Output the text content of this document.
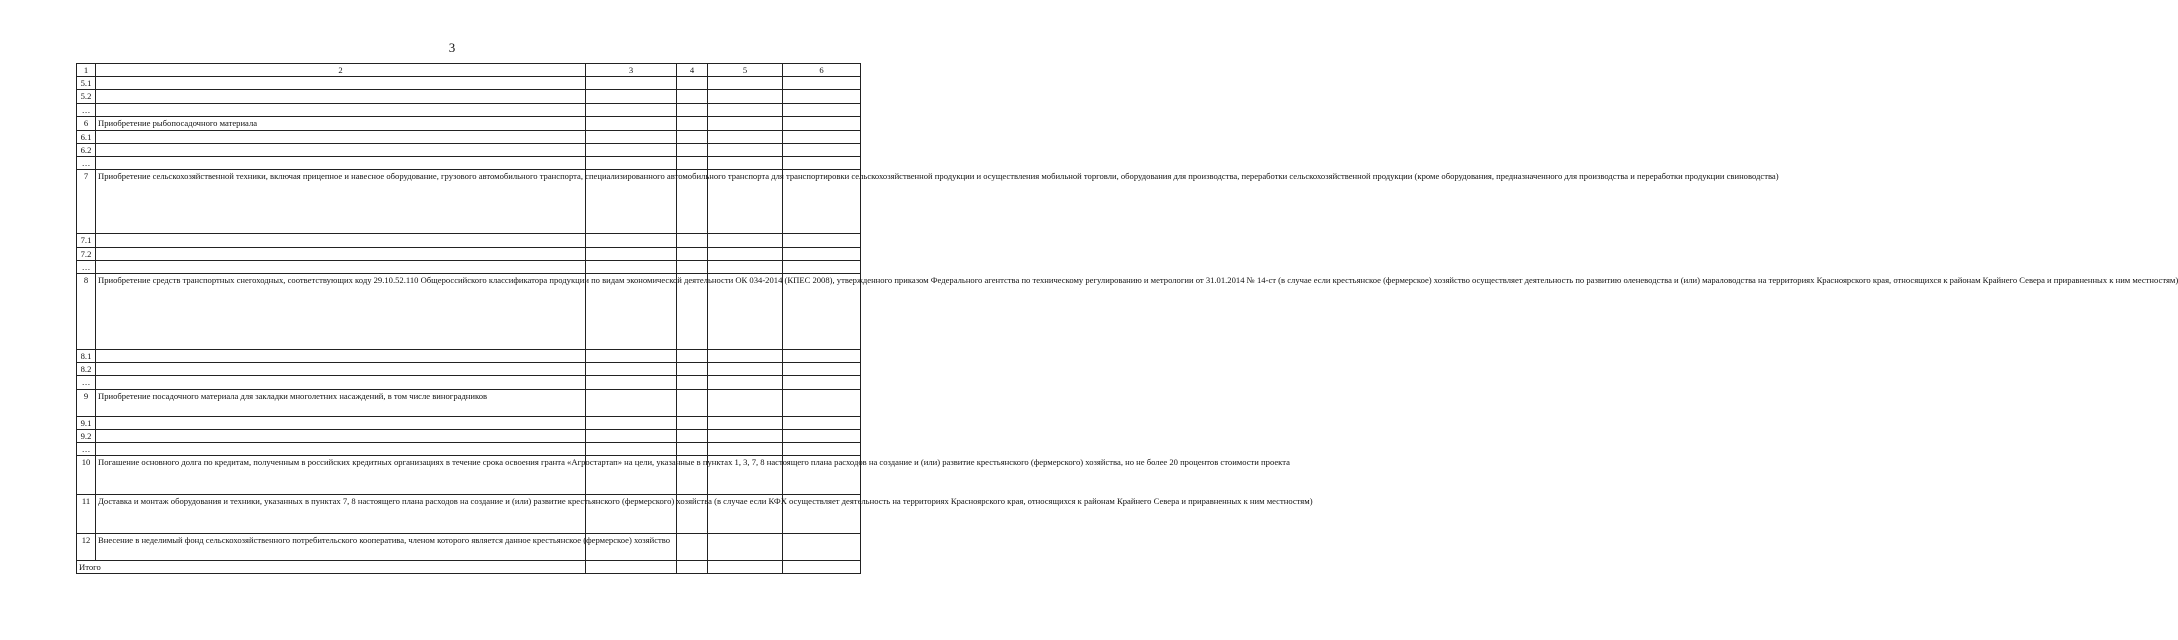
3
1	2	3	4	5	6
5.1					
5.2					
…					
6	Приобретение рыбопосадочного материала				
6.1					
6.2					
…					
7	Приобретение сельскохозяйственной техники, включая прицепное и навесное оборудование, грузового автомобильного транспорта, специализированного автомобильного транспорта для транспортировки сельскохозяйственной продукции и осуществления мобильной торговли, оборудования для производства, переработки сельскохозяйственной продукции (кроме оборудования, предназначенного для производства и переработки продукции свиноводства)				
7.1					
7.2					
…					
8	Приобретение средств транспортных снегоходных, соответствующих коду 29.10.52.110 Общероссийского классификатора продукции по видам экономической деятельности ОК 034-2014 (КПЕС 2008), утвержденного приказом Федерального агентства по техническому регулированию и метрологии от 31.01.2014 № 14-ст (в случае если крестьянское (фермерское) хозяйство осуществляет деятельность по развитию оленеводства и (или) мараловодства на территориях Красноярского края, относящихся к районам Крайнего Севера и приравненных к ним местностям)				
8.1					
8.2					
…					
9	Приобретение посадочного материала для закладки многолетних насаждений, в том числе виноградников				
9.1					
9.2					
…					
10	Погашение основного долга по кредитам, полученным в российских кредитных организациях в течение срока освоения гранта «Агростартап» на цели, указанные в пунктах 1, 3, 7, 8 настоящего плана расходов на создание и (или) развитие крестьянского (фермерского) хозяйства, но не более 20 процентов стоимости проекта				
11	Доставка и монтаж оборудования и техники, указанных в пунктах 7, 8 настоящего плана расходов на создание и (или) развитие крестьянского (фермерского) хозяйства (в случае если КФХ осуществляет деятельность на территориях Красноярского края, относящихся к районам Крайнего Севера и приравненных к ним местностям)				
12	Внесение в неделимый фонд сельскохозяйственного потребительского кооператива, членом которого является данное крестьянское (фермерское) хозяйство				
Итого					
